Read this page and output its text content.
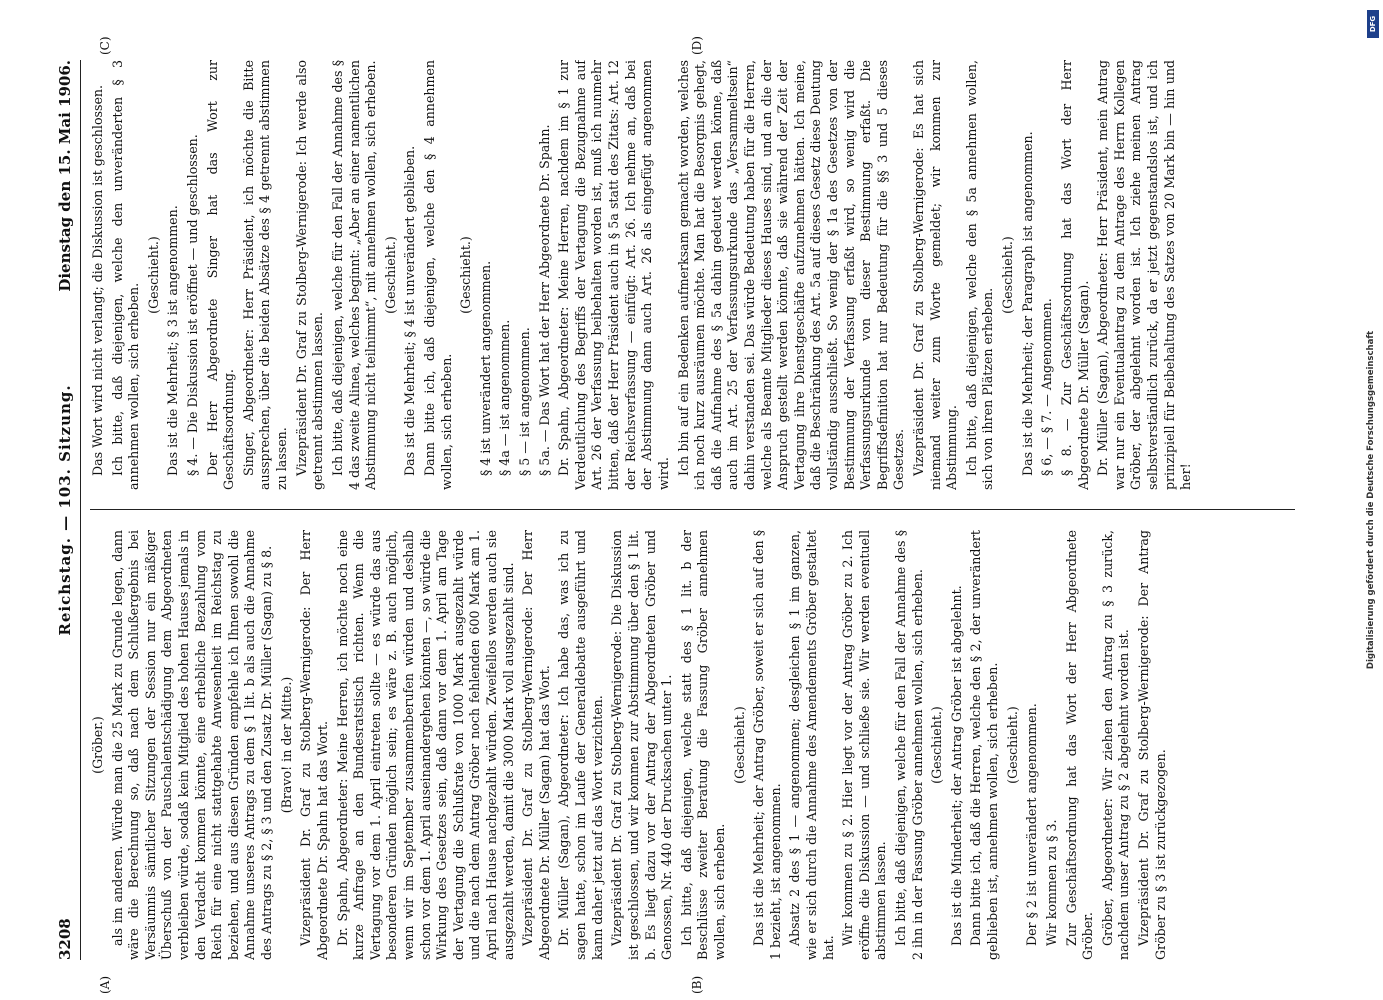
3208
Reichstag. — 103. Sitzung.
Dienstag den 15. Mai 1906.
(A)	(B)
(C)	(D)

(Gröber.) als im anderen. Würde man die 25 Mark zu Grunde legen, dann wäre die Berechnung so, daß nach dem Schlußergebnis bei Versäumnis sämtlicher Sitzungen der Session nur ein mäßiger Überschuß von der Pauschalentschädigung dem Abgeordneten verbleiben würde, sodaß kein Mitglied des hohen Hauses jemals in den Verdacht kommen könnte, eine erhebliche Bezahlung vom Reich für eine nicht stattgehabte Anwesenheit im Reichstag zu beziehen, und aus diesen Gründen empfehle ich Ihnen sowohl die Annahme unseres Antrags zu dem § 1 lit. b als auch die Annahme des Antrags zu § 2, § 3 und den Zusatz Dr. Müller (Sagan) zu § 8. (Bravo! in der Mitte.) Vizepräsident Dr. Graf zu Stolberg-Wernigerode: Der Herr Abgeordnete Dr. Spahn hat das Wort. Dr. Spahn, Abgeordneter: Meine Herren, ich möchte noch eine kurze Anfrage an den Bundesratstisch richten. Wenn die Vertagung vor dem 1. April eintreten sollte — es würde das aus besonderen Gründen möglich sein; es wäre z. B. auch möglich, wenn wir im September zusammenberufen würden und deshalb schon vor dem 1. April auseinandergehen könnten —, so würde die Wirkung des Gesetzes sein, daß dann vor dem 1. April am Tage der Vertagung die Schlußrate von 1000 Mark ausgezahlt würde und die nach dem Antrag Gröber noch fehlenden 600 Mark am 1. April nach Hause nachgezahlt würden. Zweifellos werden auch sie ausgezahlt werden, damit die 3000 Mark voll ausgezahlt sind. Vizepräsident Dr. Graf zu Stolberg-Wernigerode: Der Herr Abgeordnete Dr. Müller (Sagan) hat das Wort. Dr. Müller (Sagan), Abgeordneter: Ich habe das, was ich zu sagen hatte, schon im Laufe der Generaldebatte ausgeführt und kann daher jetzt auf das Wort verzichten. Vizepräsident Dr. Graf zu Stolberg-Wernigerode: Die Diskussion ist geschlossen, und wir kommen zur Abstimmung über den § 1 lit. b. Es liegt dazu vor der Antrag der Abgeordneten Gröber und Genossen, Nr. 440 der Drucksachen unter 1. Ich bitte, daß diejenigen, welche statt des § 1 lit. b der Beschlüsse zweiter Beratung die Fassung Gröber annehmen wollen, sich erheben.

(Geschieht.) Das ist die Mehrheit; der Antrag Gröber, soweit er sich auf den § 1 bezieht, ist angenommen. Absatz 2 des § 1 — angenommen; desgleichen § 1 im ganzen, wie er sich durch die Annahme des Amendements Gröber gestaltet hat.

Wir kommen zu § 2. Hier liegt vor der Antrag Gröber zu 2. Ich eröffne die Diskussion — und schließe sie. Wir werden eventuell abstimmen lassen. Ich bitte, daß diejenigen, welche für den Fall der Annahme des § 2 ihn in der Fassung Gröber annehmen wollen, sich erheben. (Geschieht.) Das ist die Minderheit; der Antrag Gröber ist abgelehnt. Dann bitte ich, daß die Herren, welche den § 2, der unverändert geblieben ist, annehmen wollen, sich erheben. (Geschieht.) Der § 2 ist unverändert angenommen. Wir kommen zu § 3. Zur Geschäftsordnung hat das Wort der Herr Abgeordnete Gröber. Gröber, Abgeordneter: Wir ziehen den Antrag zu § 3 zurück, nachdem unser Antrag zu § 2 abgelehnt worden ist. Vizepräsident Dr. Graf zu Stolberg-Wernigerode: Der Antrag Gröber zu § 3 ist zurückgezogen.

Das Wort wird nicht verlangt; die Diskussion ist geschlossen. Ich bitte, daß diejenigen, welche den unveränderten § 3 annehmen wollen, sich erheben.

(Geschieht.) Das ist die Mehrheit; § 3 ist angenommen. § 4. — Die Diskussion ist eröffnet — und geschlossen. Der Herr Abgeordnete Singer hat das Wort zur Geschäftsordnung. Singer, Abgeordneter: Herr Präsident, ich möchte die Bitte aussprechen, über die beiden Absätze des § 4 getrennt abstimmen zu lassen. Vizepräsident Dr. Graf zu Stolberg-Wernigerode: Ich werde also getrennt abstimmen lassen. Ich bitte, daß diejenigen, welche für den Fall der Annahme des § 4 das zweite Alinea, welches beginnt: „Aber an einer namentlichen Abstimmung nicht teilnimmt“, mit annehmen wollen, sich erheben. (Geschieht.) Das ist die Mehrheit; § 4 ist unverändert geblieben. Dann bitte ich, daß diejenigen, welche den § 4 annehmen wollen, sich erheben.

(Geschieht.) § 4 ist unverändert angenommen. § 4a — ist angenommen. § 5 — ist angenommen. § 5a. — Das Wort hat der Herr Abgeordnete Dr. Spahn. Dr. Spahn, Abgeordneter: Meine Herren, nachdem im § 1 zur Verdeutlichung des Begriffs der Vertagung die Bezugnahme auf Art. 26 der Verfassung beibehalten worden ist, muß ich nunmehr bitten, daß der Herr Präsident auch in § 5a statt des Zitats: Art. 12 der Reichsverfassung — einfügt: Art. 26. Ich nehme an, daß bei der Abstimmung dann auch Art. 26 als eingefügt angenommen wird. Ich bin auf ein Bedenken aufmerksam gemacht worden, welches ich noch kurz ausräumen möchte. Man hat die Besorgnis gehegt, daß die Aufnahme des § 5a dahin gedeutet werden könne, daß auch im Art. 25 der Verfassungsurkunde das „Versammeltsein“ dahin verstanden sei. Das würde Bedeutung haben für die Herren, welche als Beamte Mitglieder dieses Hauses sind, und an die der Anspruch gestellt werden könnte, daß sie während der Zeit der Vertagung ihre Dienstgeschäfte aufzunehmen hätten. Ich meine, daß die Beschränkung des Art. 5a auf dieses Gesetz diese Deutung vollständig ausschließt. So wenig der § 1a des Gesetzes von der Bestimmung der Verfassung erfaßt wird, so wenig wird die Verfassungsurkunde von dieser Bestimmung erfaßt. Die Begriffsdefinition hat nur Bedeutung für die §§ 3 und 5 dieses Gesetzes. Vizepräsident Dr. Graf zu Stolberg-Wernigerode: Es hat sich niemand weiter zum Worte gemeldet; wir kommen zur Abstimmung. Ich bitte, daß diejenigen, welche den § 5a annehmen wollen, sich von ihren Plätzen erheben.

(Geschieht.) Das ist die Mehrheit; der Paragraph ist angenommen. § 6, — § 7. — Angenommen. § 8. — Zur Geschäftsordnung hat das Wort der Herr Abgeordnete Dr. Müller (Sagan). Dr. Müller (Sagan), Abgeordneter: Herr Präsident, mein Antrag war nur ein Eventualantrag zu dem Antrage des Herrn Kollegen Gröber, der abgelehnt worden ist. Ich ziehe meinen Antrag selbstverständlich zurück, da er jetzt gegenstandslos ist, und ich prinzipiell für Beibehaltung des Satzes von 20 Mark bin — hin und her!	Digitalisierung gefördert durch die Deutsche Forschungsgemeinschaft
DFG
